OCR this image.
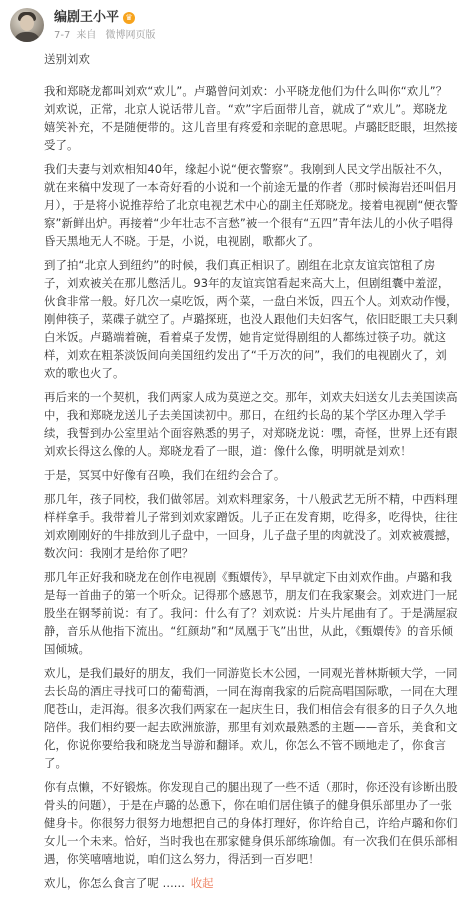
编剧王小平 ♛
7-7 来自 微博网页版

送别刘欢

我和郑晓龙都叫刘欢“欢儿”。卢璐曾问刘欢：小平晓龙他们为什么叫你“欢儿”？刘欢说，正常，北京人说话带儿音。“欢”字后面带儿音，就成了“欢儿”。郑晓龙嬉笑补充，不是随便带的。这儿音里有疼爱和亲昵的意思呢。卢璐眨眨眼，坦然接受了。

我们夫妻与刘欢相知40年，缘起小说“便衣警察”。我刚到人民文学出版社不久，就在来稿中发现了一本奇好看的小说和一个前途无量的作者（那时候海岩还叫侣月月），于是将小说推荐给了北京电视艺术中心的副主任郑晓龙。接着电视剧“便衣警察”新鲜出炉。再接着“少年壮志不言愁”被一个很有“五四”青年法儿的小伙子唱得昏天黑地无人不晓。于是，小说，电视剧，歌都火了。

到了拍“北京人到纽约”的时候，我们真正相识了。剧组在北京友谊宾馆租了房子，刘欢被关在那儿憋活儿。93年的友谊宾馆看起来高大上，但剧组囊中羞涩，伙食非常一般。好几次一桌吃饭，两个菜，一盘白米饭，四五个人。刘欢动作慢，刚伸筷子，菜碟子就空了。卢璐探班，也没人跟他们夫妇客气，依旧眨眼工夫只剩白米饭。卢璐端着碗，看着桌子发愣，她肯定觉得剧组的人都练过筷子功。就这样，刘欢在粗茶淡饭间向美国纽约发出了“千万次的问”，我们的电视剧火了，刘欢的歌也火了。

再后来的一个契机，我们两家人成为莫逆之交。那年，刘欢夫妇送女儿去美国读高中，我和郑晓龙送儿子去美国读初中。那日，在纽约长岛的某个学区办理入学手续，我誓到办公室里站个面容熟悉的男子，对郑晓龙说：嘿，奇怪，世界上还有跟刘欢长得这么像的人。郑晓龙看了一眼，道：像什么像，明明就是刘欢！

于是，冥冥中好像有召唤，我们在纽约会合了。

那几年，孩子同校，我们做邻居。刘欢料理家务，十八般武艺无所不精，中西料理样样拿手。我带着儿子常到刘欢家蹭饭。儿子正在发育期，吃得多，吃得快，往往刘欢刚刚好的牛排放到儿子盘中，一回身，儿子盘子里的肉就没了。刘欢被震撼，数次问：我刚才是给你了吧？

那几年正好我和晓龙在创作电视剧《甄嬛传》，早早就定下由刘欢作曲。卢璐和我是每一首曲子的第一个听众。记得那个感恩节，朋友们在我家聚会。刘欢进门一屁股坐在钢琴前说：有了。我问：什么有了？刘欢说：片头片尾曲有了。于是满屋寂静，音乐从他指下流出。“红颜劫”和“凤凰于飞”出世，从此，《甄嬛传》的音乐倾国倾城。

欢儿，是我们最好的朋友，我们一同游览长木公园，一同观光普林斯顿大学，一同去长岛的酒庄寻找可口的葡萄酒，一同在海南我家的后院高唱国际歌，一同在大理爬苍山，走洱海。很多次我们两家在一起庆生日，我们相信会有很多的日子久久地陪伴。我们相约要一起去欧洲旅游，那里有刘欢最熟悉的主题——音乐，美食和文化，你说你要给我和晓龙当导游和翻译。欢儿，你怎么不管不顾地走了，你食言了。

你有点懒，不好锻炼。你发现自己的腿出现了一些不适（那时，你还没有诊断出股骨头的问题），于是在卢璐的怂恿下，你在咱们居住镇子的健身俱乐部里办了一张健身卡。你很努力很努力地想把自己的身体打理好，你许给自己，许给卢璐和你们女儿一个未来。恰好，当时我也在那家健身俱乐部练瑜伽。有一次我们在俱乐部相遇，你笑嘻嘻地说，咱们这么努力，得活到一百岁吧！

欢儿，你怎么食言了呢 ...... 收起
